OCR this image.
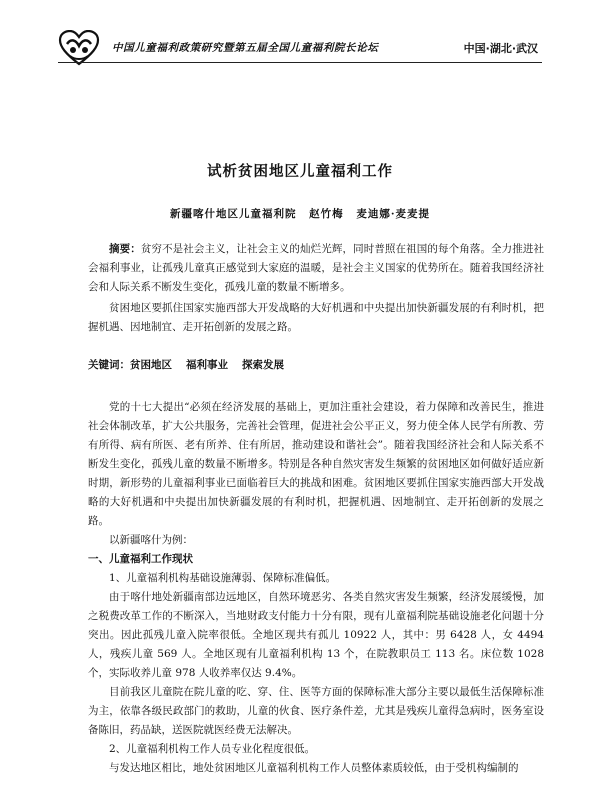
中国儿童福利政策研究暨第五届全国儿童福利院长论坛	中国·湖北·武汉
试析贫困地区儿童福利工作
新疆喀什地区儿童福利院 赵竹梅 麦迪娜·麦麦提

摘要：贫穷不是社会主义，让社会主义的灿烂光辉，同时普照在祖国的每个角落。全力推进社会福利事业，让孤残儿童真正感觉到大家庭的温暖，是社会主义国家的优势所在。随着我国经济社会和人际关系不断发生变化，孤残儿童的数量不断增多。

贫困地区要抓住国家实施西部大开发战略的大好机遇和中央提出加快新疆发展的有利时机，把握机遇、因地制宜、走开拓创新的发展之路。

关键词：贫困地区 福利事业 探索发展

党的十七大提出“必须在经济发展的基础上，更加注重社会建设，着力保障和改善民生，推进社会体制改革，扩大公共服务，完善社会管理，促进社会公平正义，努力使全体人民学有所教、劳有所得、病有所医、老有所养、住有所居，推动建设和谐社会”。随着我国经济社会和人际关系不断发生变化，孤残儿童的数量不断增多。特别是各种自然灾害发生频繁的贫困地区如何做好适应新时期，新形势的儿童福利事业已面临着巨大的挑战和困难。贫困地区要抓住国家实施西部大开发战略的大好机遇和中央提出加快新疆发展的有利时机，把握机遇、因地制宜、走开拓创新的发展之路。

以新疆喀什为例：

一、儿童福利工作现状

1、儿童福利机构基础设施薄弱、保障标准偏低。

由于喀什地处新疆南部边远地区，自然环境恶劣、各类自然灾害发生频繁，经济发展缓慢，加之税费改革工作的不断深入，当地财政支付能力十分有限，现有儿童福利院基础设施老化问题十分突出。因此孤残儿童入院率很低。全地区现共有孤儿 10922 人，其中：男 6428 人，女 4494 人，残疾儿童 569 人。全地区现有儿童福利机构 13 个，在院教职员工 113 名。床位数 1028 个，实际收养儿童 978 人收养率仅达 9.4%。

目前我区儿童院在院儿童的吃、穿、住、医等方面的保障标准大部分主要以最低生活保障标准为主，依靠各级民政部门的救助，儿童的伙食、医疗条件差，尤其是残疾儿童得急病时，医务室设备陈旧，药品缺，送医院就医经费无法解决。

2、儿童福利机构工作人员专业化程度很低。

与发达地区相比，地处贫困地区儿童福利机构工作人员整体素质较低，由于受机构编制的
